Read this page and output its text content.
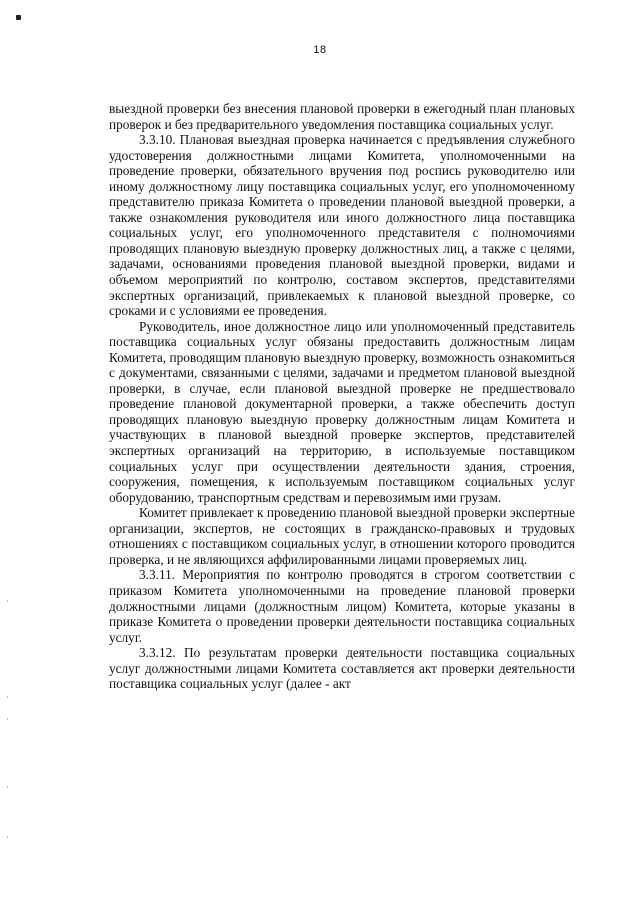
18

выездной проверки без внесения плановой проверки в ежегодный план плановых проверок и без предварительного уведомления поставщика социальных услуг.

3.3.10. Плановая выездная проверка начинается с предъявления служебного удостоверения должностными лицами Комитета, уполномоченными на проведение проверки, обязательного вручения под роспись руководителю или иному должностному лицу поставщика социальных услуг, его уполномоченному представителю приказа Комитета о проведении плановой выездной проверки, а также ознакомления руководителя или иного должностного лица поставщика социальных услуг, его уполномоченного представителя с полномочиями проводящих плановую выездную проверку должностных лиц, а также с целями, задачами, основаниями проведения плановой выездной проверки, видами и объемом мероприятий по контролю, составом экспертов, представителями экспертных организаций, привлекаемых к плановой выездной проверке, со сроками и с условиями ее проведения.

Руководитель, иное должностное лицо или уполномоченный представитель поставщика социальных услуг обязаны предоставить должностным лицам Комитета, проводящим плановую выездную проверку, возможность ознакомиться с документами, связанными с целями, задачами и предметом плановой выездной проверки, в случае, если плановой выездной проверке не предшествовало проведение плановой документарной проверки, а также обеспечить доступ проводящих плановую выездную проверку должностным лицам Комитета и участвующих в плановой выездной проверке экспертов, представителей экспертных организаций на территорию, в используемые поставщиком социальных услуг при осуществлении деятельности здания, строения, сооружения, помещения, к используемым поставщиком социальных услуг оборудованию, транспортным средствам и перевозимым ими грузам.

Комитет привлекает к проведению плановой выездной проверки экспертные организации, экспертов, не состоящих в гражданско-правовых и трудовых отношениях с поставщиком социальных услуг, в отношении которого проводится проверка, и не являющихся аффилированными лицами проверяемых лиц.

3.3.11. Мероприятия по контролю проводятся в строгом соответствии с приказом Комитета уполномоченными на проведение плановой проверки должностными лицами (должностным лицом) Комитета, которые указаны в приказе Комитета о проведении проверки деятельности поставщика социальных услуг.

3.3.12. По результатам проверки деятельности поставщика социальных услуг должностными лицами Комитета составляется акт проверки деятельности поставщика социальных услуг (далее - акт
